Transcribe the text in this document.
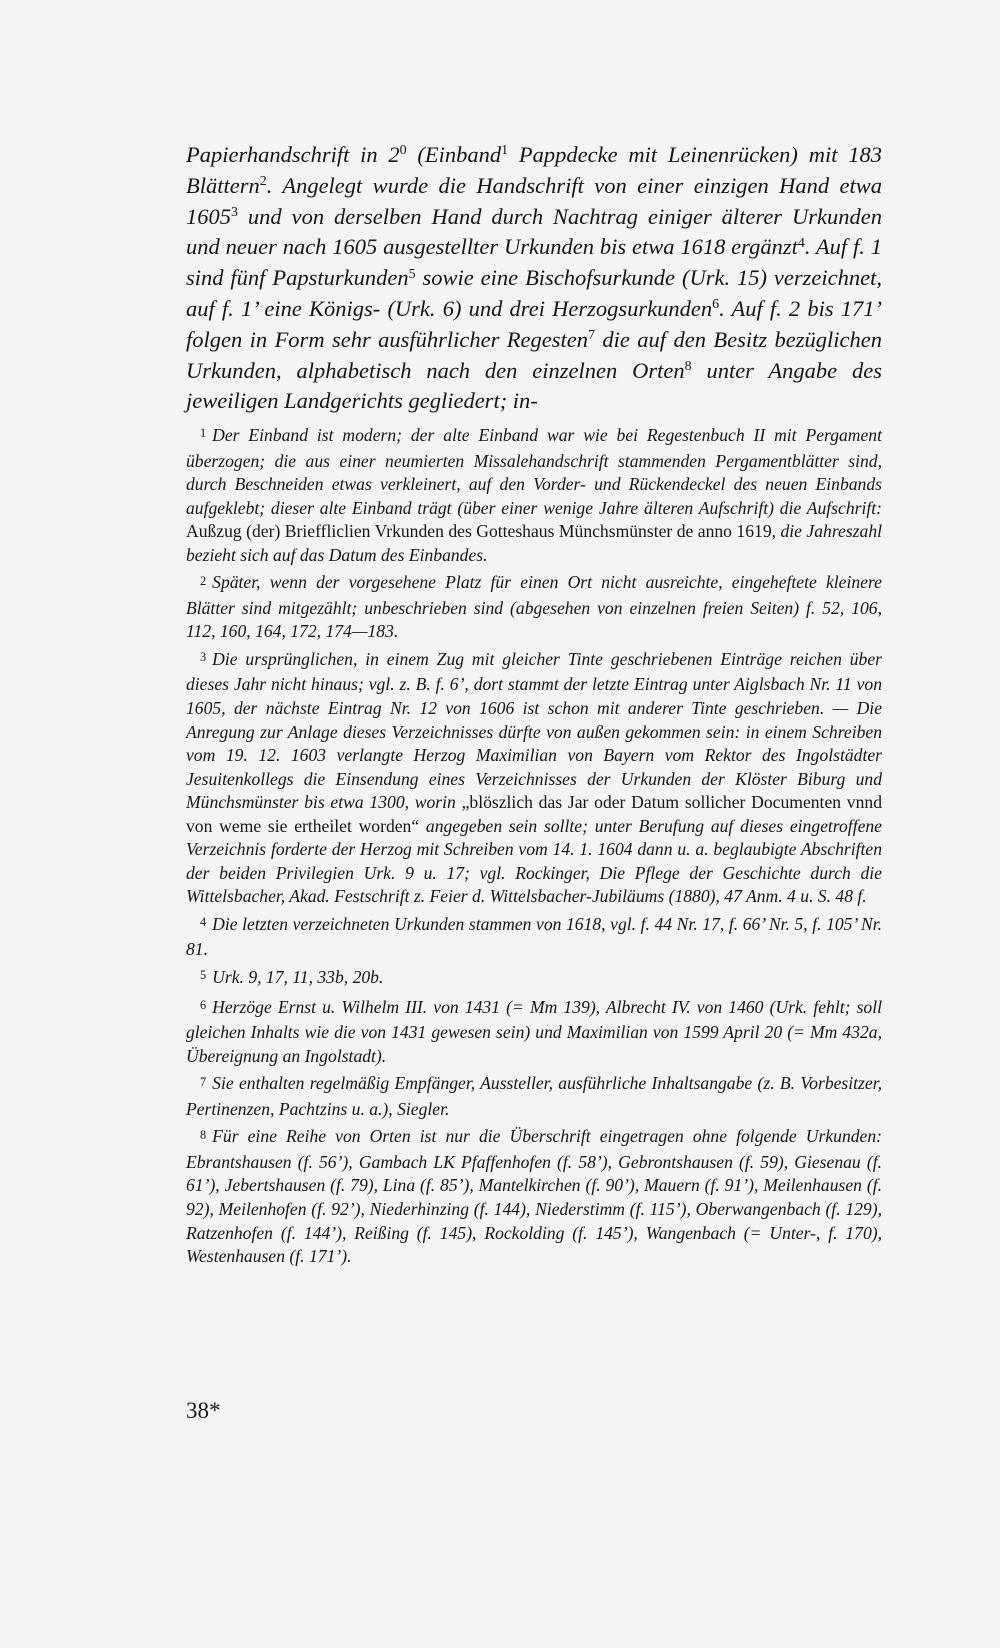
Papierhandschrift in $2^0$ (Einband$^1$ Pappdecke mit Leinenrücken) mit 183 Blättern$^2$. Angelegt wurde die Handschrift von einer einzigen Hand etwa 1605$^3$ und von derselben Hand durch Nachtrag einiger älterer Urkunden und neuer nach 1605 ausgestellter Urkunden bis etwa 1618 ergänzt$^4$. Auf f. 1 sind fünf Papsturkunden$^5$ sowie eine Bischofsurkunde (Urk. 15) verzeichnet, auf f. 1’ eine Königs- (Urk. 6) und drei Herzogsurkunden$^6$. Auf f. 2 bis 171’ folgen in Form sehr ausführlicher Regesten$^7$ die auf den Besitz bezüglichen Urkunden, alphabetisch nach den einzelnen Orten$^8$ unter Angabe des jeweiligen Landgerichts gegliedert; in-

$^1$ Der Einband ist modern; der alte Einband war wie bei Regestenbuch II mit Pergament überzogen; die aus einer neumierten Missalehandschrift stammenden Pergamentblätter sind, durch Beschneiden etwas verkleinert, auf den Vorder- und Rückendeckel des neuen Einbands aufgeklebt; dieser alte Einband trägt (über einer wenige Jahre älteren Aufschrift) die Aufschrift: Außzug (der) Brieffliclien Vrkunden des Gotteshaus Münchsmünster de anno 1619, die Jahreszahl bezieht sich auf das Datum des Einbandes.

$^2$ Später, wenn der vorgesehene Platz für einen Ort nicht ausreichte, eingeheftete kleinere Blätter sind mitgezählt; unbeschrieben sind (abgesehen von einzelnen freien Seiten) f. 52, 106, 112, 160, 164, 172, 174—183.

$^3$ Die ursprünglichen, in einem Zug mit gleicher Tinte geschriebenen Einträge reichen über dieses Jahr nicht hinaus; vgl. z. B. f. 6’, dort stammt der letzte Eintrag unter Aiglsbach Nr. 11 von 1605, der nächste Eintrag Nr. 12 von 1606 ist schon mit anderer Tinte geschrieben. — Die Anregung zur Anlage dieses Verzeichnisses dürfte von außen gekommen sein: in einem Schreiben vom 19. 12. 1603 verlangte Herzog Maximilian von Bayern vom Rektor des Ingolstädter Jesuitenkollegs die Einsendung eines Verzeichnisses der Urkunden der Klöster Biburg und Münchsmünster bis etwa 1300, worin „blöszlich das Jar oder Datum sollicher Documenten vnnd von weme sie ertheilet worden“ angegeben sein sollte; unter Berufung auf dieses eingetroffene Verzeichnis forderte der Herzog mit Schreiben vom 14. 1. 1604 dann u. a. beglaubigte Abschriften der beiden Privilegien Urk. 9 u. 17; vgl. Rockinger, Die Pflege der Geschichte durch die Wittelsbacher, Akad. Festschrift z. Feier d. Wittelsbacher-Jubiläums (1880), 47 Anm. 4 u. S. 48 f.

$^4$ Die letzten verzeichneten Urkunden stammen von 1618, vgl. f. 44 Nr. 17, f. 66’ Nr. 5, f. 105’ Nr. 81.

$^5$ Urk. 9, 17, 11, 33b, 20b.

$^6$ Herzöge Ernst u. Wilhelm III. von 1431 (= Mm 139), Albrecht IV. von 1460 (Urk. fehlt; soll gleichen Inhalts wie die von 1431 gewesen sein) und Maximilian von 1599 April 20 (= Mm 432a, Übereignung an Ingolstadt).

$^7$ Sie enthalten regelmäßig Empfänger, Aussteller, ausführliche Inhaltsangabe (z. B. Vorbesitzer, Pertinenzen, Pachtzins u. a.), Siegler.

$^8$ Für eine Reihe von Orten ist nur die Überschrift eingetragen ohne folgende Urkunden: Ebrantshausen (f. 56’), Gambach LK Pfaffenhofen (f. 58’), Gebrontshausen (f. 59), Giesenau (f. 61’), Jebertshausen (f. 79), Lina (f. 85’), Mantelkirchen (f. 90’), Mauern (f. 91’), Meilenhausen (f. 92), Meilenhofen (f. 92’), Niederhinzing (f. 144), Niederstimm (f. 115’), Oberwangenbach (f. 129), Ratzenhofen (f. 144’), Reißing (f. 145), Rockolding (f. 145’), Wangenbach (= Unter-, f. 170), Westenhausen (f. 171’).

38*
